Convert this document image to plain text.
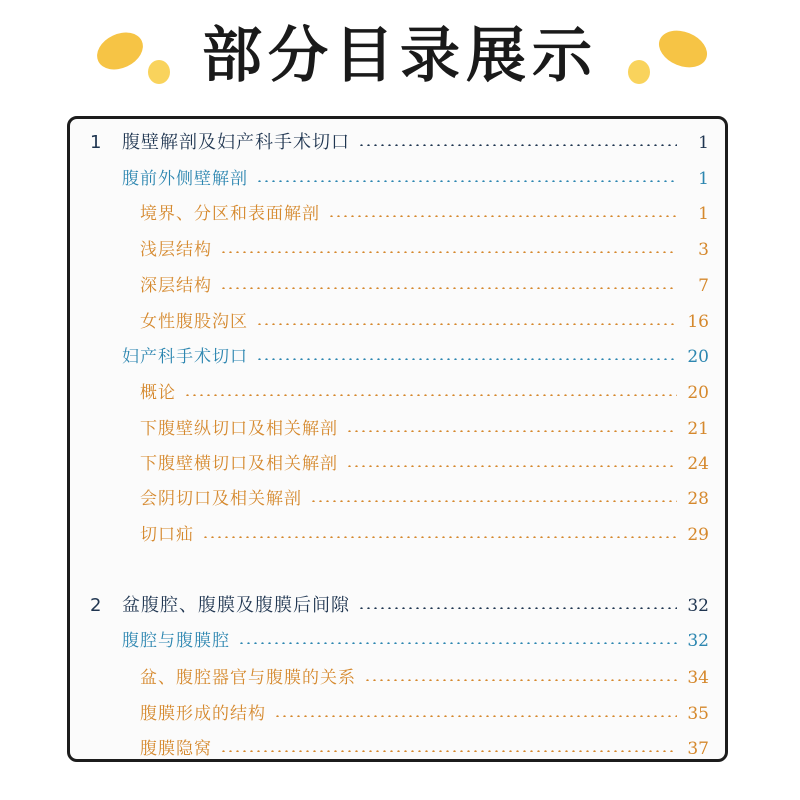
部分目录展示
1	腹壁解剖及妇产科手术切口	1
腹前外侧壁解剖	1
境界、分区和表面解剖	1
浅层结构	3
深层结构	7
女性腹股沟区	16
妇产科手术切口	20
概论	20
下腹壁纵切口及相关解剖	21
下腹壁横切口及相关解剖	24
会阴切口及相关解剖	28
切口疝	29
2	盆腹腔、腹膜及腹膜后间隙	32
腹腔与腹膜腔	32
盆、腹腔器官与腹膜的关系	34
腹膜形成的结构	35
腹膜隐窝	37
